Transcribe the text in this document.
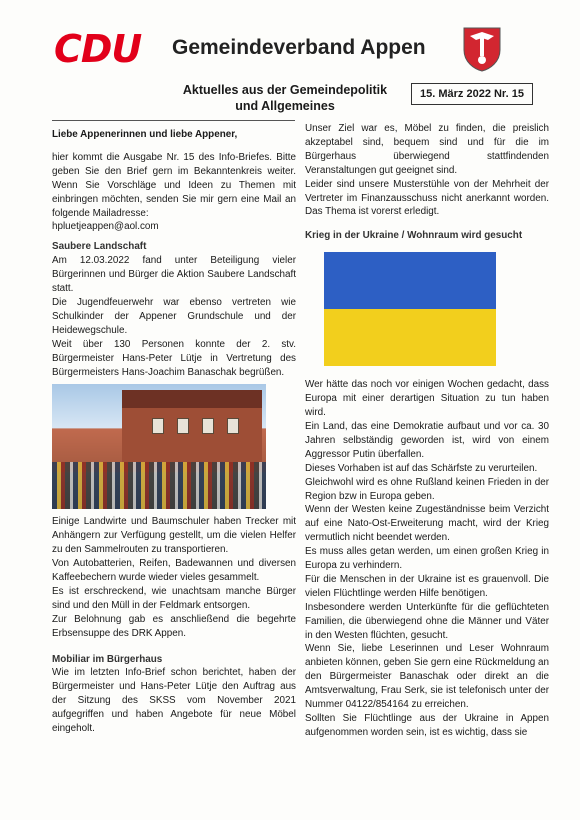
CDU Gemeindeverband Appen
Aktuelles aus der Gemeindepolitik
und Allgemeines
15. März 2022 Nr. 15

Liebe Appenerinnen und liebe Appener,

hier kommt die Ausgabe Nr. 15 des Info-Briefes. Bitte geben Sie den Brief gern im Bekanntenkreis weiter. Wenn Sie Vorschläge und Ideen zu Themen mit einbringen möchten, senden Sie mir gern eine Mail an folgende Mailadresse:

hpluetjeappen@aol.com

Saubere Landschaft

Am 12.03.2022 fand unter Beteiligung vieler Bürgerinnen und Bürger die Aktion Saubere Landschaft statt.

Die Jugendfeuerwehr war ebenso vertreten wie Schulkinder der Appener Grundschule und der Heidewegschule.

Weit über 130 Personen konnte der 2. stv. Bürgermeister Hans-Peter Lütje in Vertretung des Bürgermeisters Hans-Joachim Banaschak begrüßen.

Einige Landwirte und Baumschuler haben Trecker mit Anhängern zur Verfügung gestellt, um die vielen Helfer zu den Sammelrouten zu transportieren.

Von Autobatterien, Reifen, Badewannen und diversen Kaffeebechern wurde wieder vieles gesammelt.

Es ist erschreckend, wie unachtsam manche Bürger sind und den Müll in der Feldmark entsorgen.

Zur Belohnung gab es anschließend die begehrte Erbsensuppe des DRK Appen.

Mobiliar im Bürgerhaus

Wie im letzten Info-Brief schon berichtet, haben der Bürgermeister und Hans-Peter Lütje den Auftrag aus der Sitzung des SKSS vom November 2021 aufgegriffen und haben Angebote für neue Möbel eingeholt.

Unser Ziel war es, Möbel zu finden, die preislich akzeptabel sind, bequem sind und für die im Bürgerhaus überwiegend stattfindenden Veranstaltungen gut geeignet sind.

Leider sind unsere Musterstühle von der Mehrheit der Vertreter im Finanzausschuss nicht anerkannt worden. Das Thema ist vorerst erledigt.

Krieg in der Ukraine / Wohnraum wird gesucht

Wer hätte das noch vor einigen Wochen gedacht, dass Europa mit einer derartigen Situation zu tun haben wird.

Ein Land, das eine Demokratie aufbaut und vor ca. 30 Jahren selbständig geworden ist, wird von einem Aggressor Putin überfallen.

Dieses Vorhaben ist auf das Schärfste zu verurteilen.

Gleichwohl wird es ohne Rußland keinen Frieden in der Region bzw in Europa geben.

Wenn der Westen keine Zugeständnisse beim Verzicht auf eine Nato-Ost-Erweiterung macht, wird der Krieg vermutlich nicht beendet werden.

Es muss alles getan werden, um einen großen Krieg in Europa zu verhindern.

Für die Menschen in der Ukraine ist es grauenvoll. Die vielen Flüchtlinge werden Hilfe benötigen.

Insbesondere werden Unterkünfte für die geflüchteten Familien, die überwiegend ohne die Männer und Väter in den Westen flüchten, gesucht.

Wenn Sie, liebe Leserinnen und Leser Wohnraum anbieten können, geben Sie gern eine Rückmeldung an den Bürgermeister Banaschak oder direkt an die Amtsverwaltung, Frau Serk, sie ist telefonisch unter der Nummer 04122/854164 zu erreichen.

Sollten Sie Flüchtlinge aus der Ukraine in Appen aufgenommen worden sein, ist es wichtig, dass sie
